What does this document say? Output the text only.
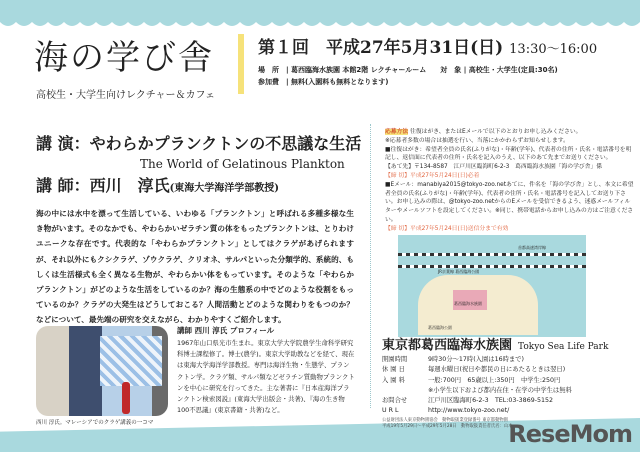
海の学び舎
高校生・大学生向けレクチャー＆カフェ
第１回　 平成27年5月31日(日) 13:30～16:00
場　所 | 葛西臨海水族園 本館2階 レクチャールーム　　 対　象 | 高校生・大学生(定員:30名)
参加費 | 無料(入園料も無料となります)
講 演：やわらかプランクトンの不思議な生活
The World of Gelatinous Plankton
講 師：西川　淳氏(東海大学海洋学部教授)
海の中には水中を漂って生活している、いわゆる「プランクトン」と呼ばれる多種多様な生き物がいます。そのなかでも、やわらかいゼラチン質の体をもったプランクトンは、とりわけユニークな存在です。代表的な「やわらかプランクトン」としてはクラゲがあげられますが、それ以外にもクシクラゲ、ゾウクラゲ、クリオネ、サルパといった分類学的、系統的、もしくは生活様式も全く異なる生物が、やわらかい体をもっています。そのような「やわらかプランクトン」がどのような生活をしているのか？海の生態系の中でどのような役割をもっているのか？クラゲの大発生はどうしておこる？人間活動とどのような関わりをもつのか？などについて、最先端の研究を交えながら、わかりやすくご紹介します。
西川 淳氏。マレーシアでのクラゲ講義の一コマ
講師 西川 淳氏 プロフィール
1967年山口県光市生まれ。東京大学大学院農学生命科学研究科博士課程修了。博士(農学)。東京大学助教などを経て、現在は東海大学海洋学部教授。専門は海洋生物・生態学、プランクトン学。クラゲ類、サルパ類などゼラチン質動物プランクトンを中心に研究を行ってきた。主な著書に『日本産海洋プランクトン検索図説』(東海大学出版会・共著)、『海の生き物100不思議』(東京書籍・共著)など。
応募方法 往復はがき、またはEメールで以下のとおりお申し込みください。
※応募者多数の場合は抽選を行い、当落にかかわらずお知らせします。
■往復はがき：希望者全員の氏名(ふりがな)・年齢(学年)、代表者の住所・氏名・電話番号を明記し、返信面に代表者の住所・氏名を記入のうえ、以下のあて先までお送りください。
【あて先】〒134-8587　江戸川区臨海町6-2-3　葛西臨海水族園「海の学び舎」係
【締 切】平成27年5月24日(日)必着
■Eメール：manabiya2015@tokyo-zoo.netあてに、件名を「海の学び舎」とし、本文に希望者全員の氏名(ふりがな)・年齢(学年)、代表者の住所・氏名・電話番号を記入してお送り下さい。お申し込みの際は、@tokyo-zoo.netからのEメールを受信できるよう、迷惑メールフィルターやメールソフトを設定してください。※同じ、携帯電話からお申し込みの方はご注意ください。
【締 切】平成27年5月24日(日)送信分まで有効
首都高速湾岸線
JR京葉線 葛西臨海公園
葛西臨海水族園
葛西臨海公園
東京都葛西臨海水族園 Tokyo Sea Life Park
開園時間	9時30分～17時(入園は16時まで)
休 園 日	毎週水曜日(祝日や都民の日にあたるときは翌日)
入 園 料	一般:700円　65歳以上:350円　中学生:250円
※小学生以下および都内在住・在学の中学生は無料
お問合せ	江戸川区臨海町6-2-3　TEL:03-3869-5152
U R L	http://www.tokyo-zoo.net/
公益財団法人東京動物園協会　動物取扱業登録番号 東京都動物園
平成19年5月29日～平成29年5月28日　動物取扱責任者氏名：山本
ReseMom
